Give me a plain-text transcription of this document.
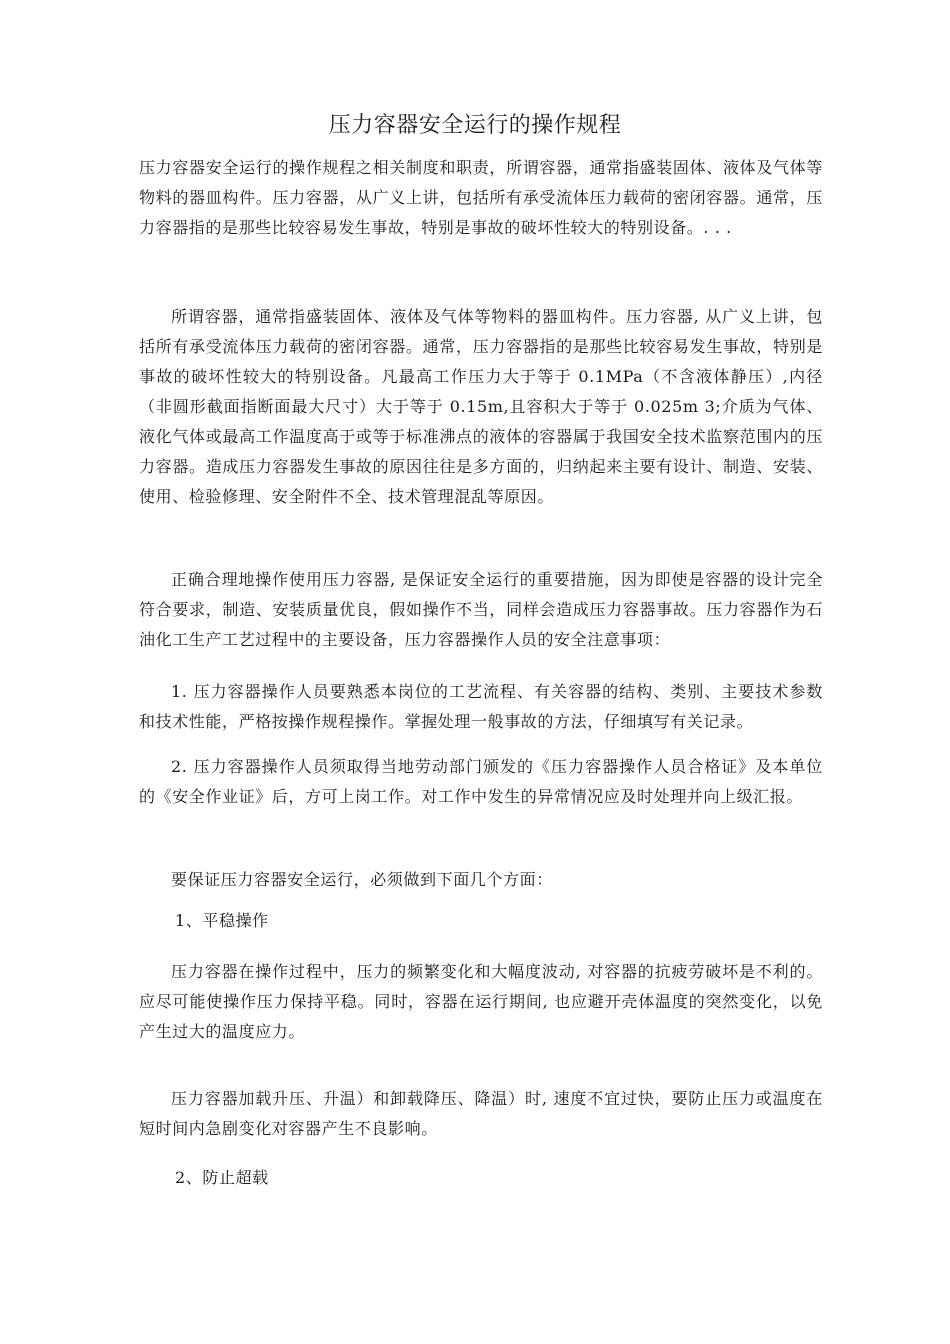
压力容器安全运行的操作规程
压力容器安全运行的操作规程之相关制度和职责，所谓容器，通常指盛装固体、液体及气体等物料的器皿构件。压力容器，从广义上讲，包括所有承受流体压力载荷的密闭容器。通常，压力容器指的是那些比较容易发生事故，特别是事故的破坏性较大的特别设备。. . .
所谓容器，通常指盛装固体、液体及气体等物料的器皿构件。压力容器, 从广义上讲，包括所有承受流体压力载荷的密闭容器。通常，压力容器指的是那些比较容易发生事故，特别是事故的破坏性较大的特别设备。凡最高工作压力大于等于 0.1MPa（不含液体静压）,内径（非圆形截面指断面最大尺寸）大于等于 0.15m,且容积大于等于 0.025m 3;介质为气体、液化气体或最高工作温度高于或等于标准沸点的液体的容器属于我国安全技术监察范围内的压力容器。造成压力容器发生事故的原因往往是多方面的，归纳起来主要有设计、制造、安装、使用、检验修理、安全附件不全、技术管理混乱等原因。
正确合理地操作使用压力容器, 是保证安全运行的重要措施，因为即使是容器的设计完全符合要求，制造、安装质量优良，假如操作不当，同样会造成压力容器事故。压力容器作为石油化工生产工艺过程中的主要设备，压力容器操作人员的安全注意事项：
1. 压力容器操作人员要熟悉本岗位的工艺流程、有关容器的结构、类别、主要技术参数和技术性能，严格按操作规程操作。掌握处理一般事故的方法，仔细填写有关记录。
2. 压力容器操作人员须取得当地劳动部门颁发的《压力容器操作人员合格证》及本单位的《安全作业证》后，方可上岗工作。对工作中发生的异常情况应及时处理并向上级汇报。
要保证压力容器安全运行，必须做到下面几个方面：
1、平稳操作
压力容器在操作过程中，压力的频繁变化和大幅度波动, 对容器的抗疲劳破坏是不利的。应尽可能使操作压力保持平稳。同时，容器在运行期间, 也应避开壳体温度的突然变化，以免产生过大的温度应力。
压力容器加载升压、升温）和卸载降压、降温）时, 速度不宜过快，要防止压力或温度在短时间内急剧变化对容器产生不良影响。
2、防止超载
